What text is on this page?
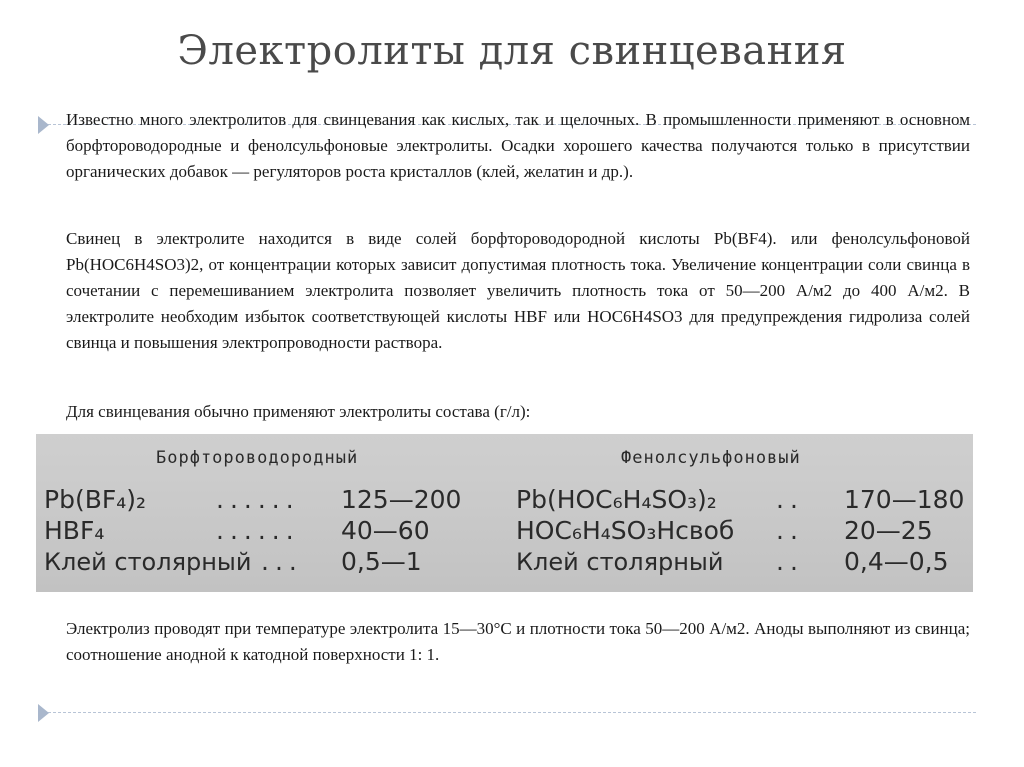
Электролиты для свинцевания

Известно много электролитов для свинцевания как кислых, так и щелочных. В промышленности применяют в основном борфтороводородные и фенолсульфоновые электролиты. Осадки хорошего качества получаются только в присутствии органических добавок — регуляторов роста кристаллов (клей, желатин и др.).

Свинец в электролите находится в виде солей борфтороводородной кислоты Pb(BF4). или фенолсульфоновой Pb(HOC6H4SO3)2, от концентрации которых зависит допустимая плотность тока. Увеличение концентрации соли свинца в сочетании с перемешиванием электролита позволяет увеличить плотность тока от 50—200 А/м2 до 400 А/м2. В электролите необходим избыток соответствующей кислоты HBF или HOC6H4SO3 для предупреждения гидролиза солей свинца и повышения электропроводности раствора.

Для свинцевания обычно применяют электролиты состава (г/л):

Борфтороводородный	Фенолсульфоновый
Pb(BF₄)₂	...... 125—200 Pb(HOC₆H₄SO₃)₂ .. 170—180
HBF₄	...... 40—60	HOC₆H₄SO₃Hсвоб .. 20—25
Клей столярный ... 0,5—1	Клей столярный .. 0,4—0,5

Электролиз проводят при температуре электролита 15—30°С и плотности тока 50—200 А/м2. Аноды выполняют из свинца; соотношение анодной к катодной поверхности 1: 1.
